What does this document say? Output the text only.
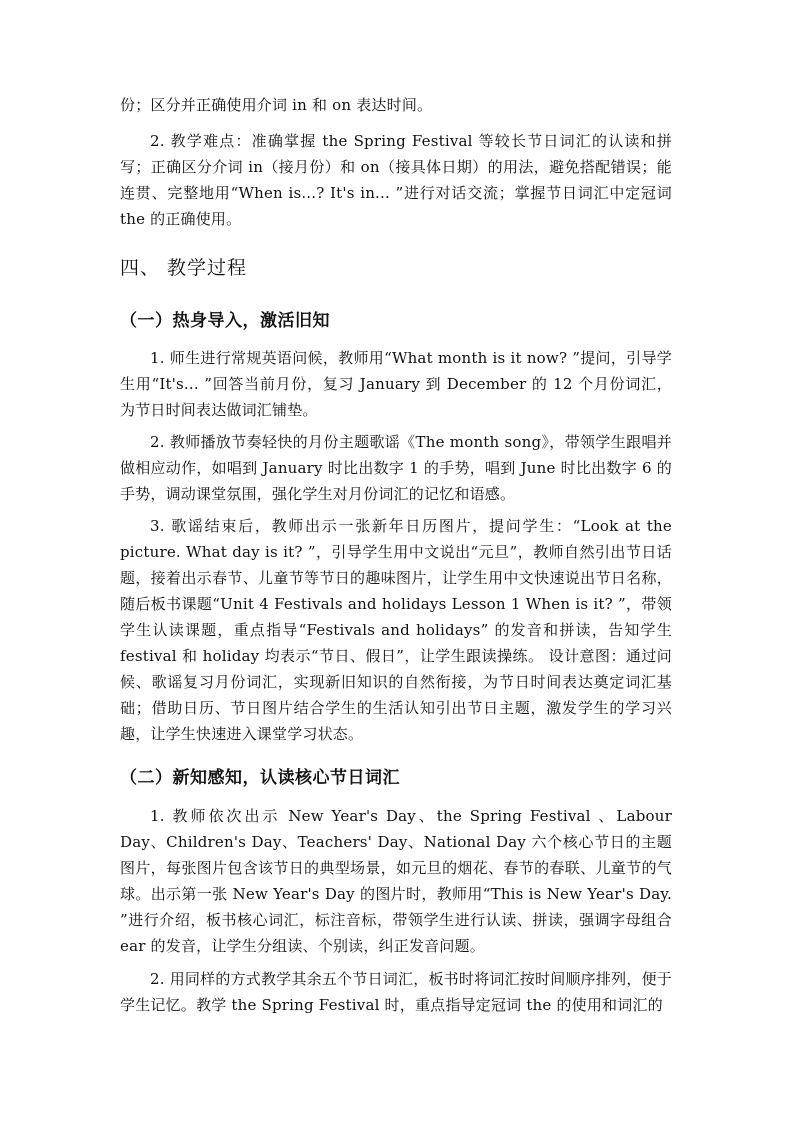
份；区分并正确使用介词 in 和 on 表达时间。

2. 教学难点：准确掌握 the Spring Festival 等较长节日词汇的认读和拼写；正确区分介词 in（接月份）和 on（接具体日期）的用法，避免搭配错误；能连贯、完整地用“When is...? It's in... ”进行对话交流；掌握节日词汇中定冠词 the 的正确使用。

四、 教学过程
（一）热身导入，激活旧知

1. 师生进行常规英语问候，教师用“What month is it now? ”提问，引导学生用“It's... ”回答当前月份，复习 January 到 December 的 12 个月份词汇，为节日时间表达做词汇铺垫。

2. 教师播放节奏轻快的月份主题歌谣《The month song》，带领学生跟唱并做相应动作，如唱到 January 时比出数字 1 的手势，唱到 June 时比出数字 6 的手势，调动课堂氛围，强化学生对月份词汇的记忆和语感。

3. 歌谣结束后，教师出示一张新年日历图片，提问学生：“Look at the picture. What day is it? ”，引导学生用中文说出“元旦”，教师自然引出节日话题，接着出示春节、儿童节等节日的趣味图片，让学生用中文快速说出节日名称，随后板书课题“Unit 4 Festivals and holidays Lesson 1 When is it? ”，带领学生认读课题，重点指导“Festivals and holidays” 的发音和拼读，告知学生 festival 和 holiday 均表示“节日、假日”，让学生跟读操练。 设计意图：通过问候、歌谣复习月份词汇，实现新旧知识的自然衔接，为节日时间表达奠定词汇基础；借助日历、节日图片结合学生的生活认知引出节日主题，激发学生的学习兴趣，让学生快速进入课堂学习状态。

（二）新知感知，认读核心节日词汇

1. 教师依次出示 New Year's Day、the Spring Festival 、Labour Day、Children's Day、Teachers' Day、National Day 六个核心节日的主题图片，每张图片包含该节日的典型场景，如元旦的烟花、春节的春联、儿童节的气球。出示第一张 New Year's Day 的图片时，教师用“This is New Year's Day. ”进行介绍，板书核心词汇，标注音标，带领学生进行认读、拼读，强调字母组合 ear 的发音，让学生分组读、个别读，纠正发音问题。

2. 用同样的方式教学其余五个节日词汇，板书时将词汇按时间顺序排列，便于学生记忆。教学 the Spring Festival 时，重点指导定冠词 the 的使用和词汇的
